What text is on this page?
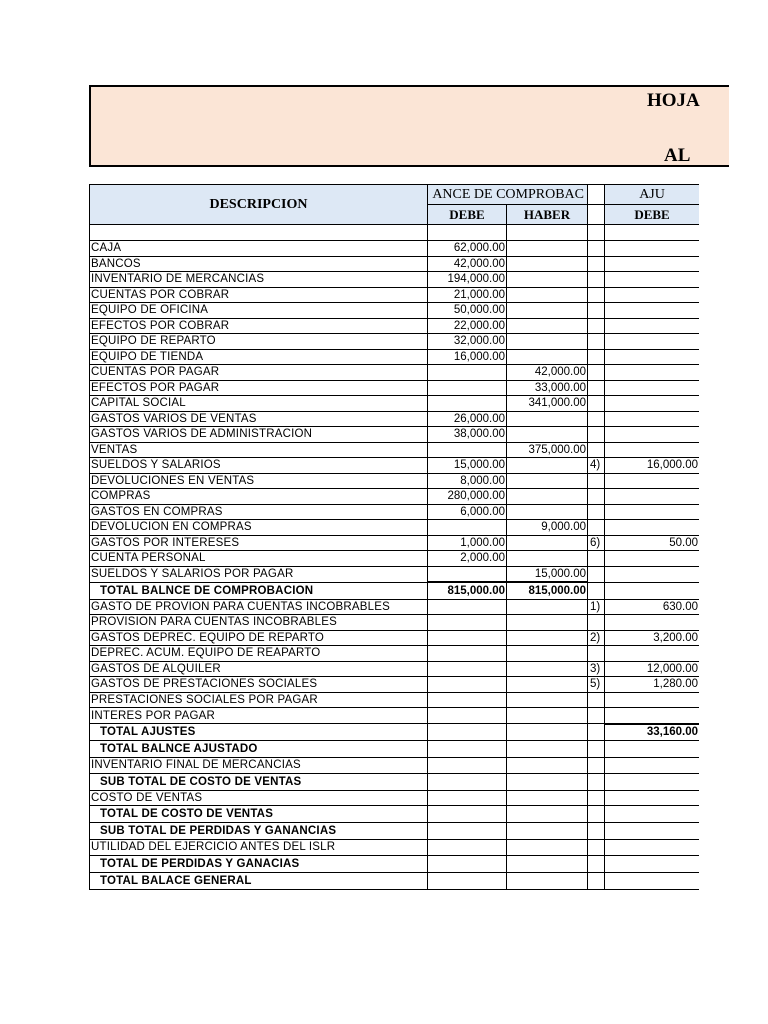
HOJA
AL
DESCRIPCION	ANCE DE COMPROBAC			AJU
	DEBE	HABER		DEBE

CAJA	62,000.00			
BANCOS	42,000.00			
INVENTARIO DE MERCANCIAS	194,000.00			
CUENTAS POR COBRAR	21,000.00			
EQUIPO DE OFICINA	50,000.00			
EFECTOS POR COBRAR	22,000.00			
EQUIPO DE REPARTO	32,000.00			
EQUIPO DE TIENDA	16,000.00			
CUENTAS POR PAGAR		42,000.00		
EFECTOS POR PAGAR		33,000.00		
CAPITAL SOCIAL		341,000.00		
GASTOS VARIOS DE VENTAS	26,000.00			
GASTOS VARIOS DE ADMINISTRACION	38,000.00			
VENTAS		375,000.00		
SUELDOS Y SALARIOS	15,000.00		4)	16,000.00
DEVOLUCIONES EN VENTAS	8,000.00			
COMPRAS	280,000.00			
GASTOS EN COMPRAS	6,000.00			
DEVOLUCION EN COMPRAS		9,000.00		
GASTOS POR INTERESES	1,000.00		6)	50.00
CUENTA PERSONAL	2,000.00			
SUELDOS Y SALARIOS POR PAGAR		15,000.00		
TOTAL BALNCE DE COMPROBACION	815,000.00	815,000.00		
GASTO DE PROVION PARA CUENTAS INCOBRABLES			1)	630.00
PROVISION PARA CUENTAS INCOBRABLES				
GASTOS DEPREC. EQUIPO DE REPARTO			2)	3,200.00
DEPREC. ACUM. EQUIPO DE REAPARTO				
GASTOS DE ALQUILER			3)	12,000.00
GASTOS DE PRESTACIONES SOCIALES			5)	1,280.00
PRESTACIONES SOCIALES POR PAGAR				
INTERES POR PAGAR				
TOTAL AJUSTES				33,160.00
TOTAL BALNCE AJUSTADO				
INVENTARIO FINAL DE MERCANCIAS				
SUB TOTAL DE COSTO DE VENTAS				
COSTO DE VENTAS				
TOTAL DE COSTO DE VENTAS				
SUB TOTAL DE PERDIDAS Y GANANCIAS				
UTILIDAD DEL EJERCICIO ANTES DEL ISLR				
TOTAL DE PERDIDAS Y GANACIAS				
TOTAL BALACE GENERAL				
